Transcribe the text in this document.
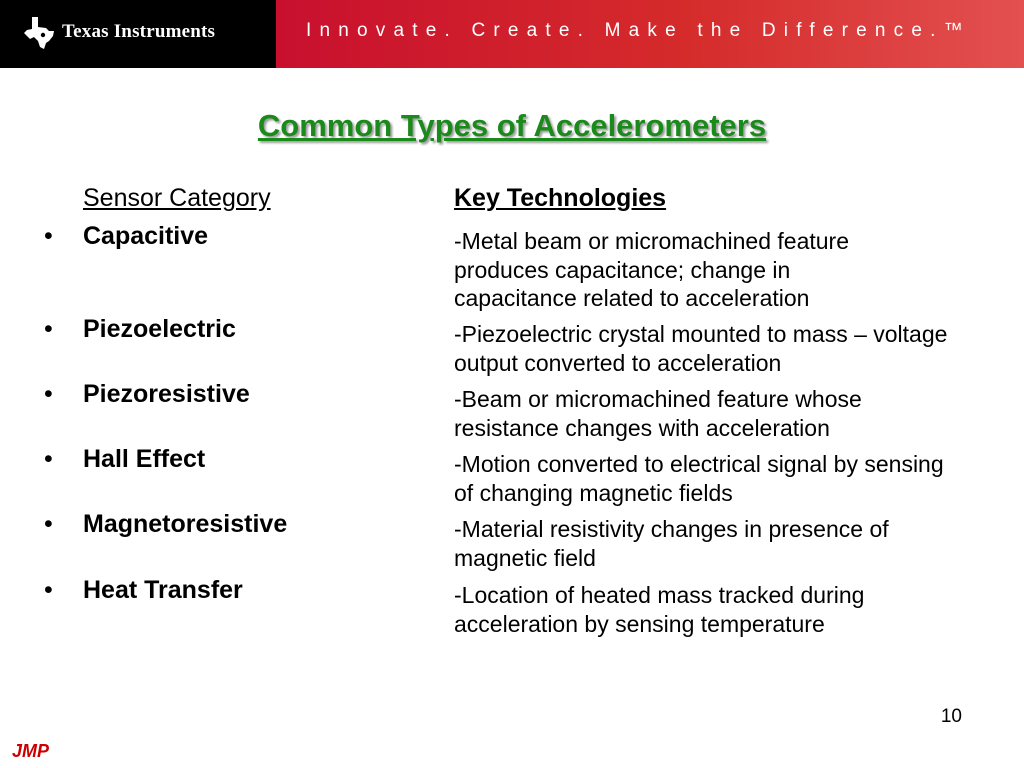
Texas Instruments	Innovate. Create. Make the Difference.™
Common Types of Accelerometers
Sensor Category	Key Technologies
• Capacitive	-Metal beam or micromachined feature produces capacitance; change in capacitance related to acceleration
• Piezoelectric	-Piezoelectric crystal mounted to mass – voltage output converted to acceleration
• Piezoresistive	-Beam or micromachined feature whose resistance changes with acceleration
• Hall Effect	-Motion converted to electrical signal by sensing of changing magnetic fields
• Magnetoresistive	-Material resistivity changes in presence of magnetic field
• Heat Transfer	-Location of heated mass tracked during acceleration by sensing temperature
10
JMP
